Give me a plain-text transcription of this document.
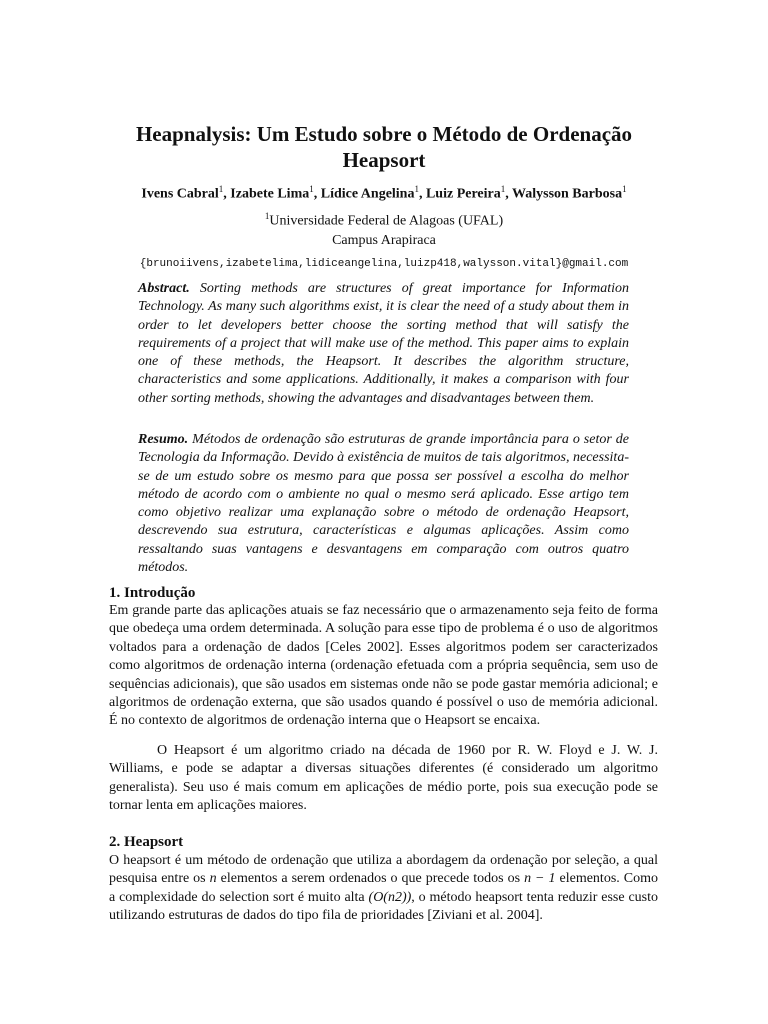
Heapnalysis: Um Estudo sobre o Método de Ordenação Heapsort

Ivens Cabral$^1$, Izabete Lima$^1$, Lídice Angelina$^1$, Luiz Pereira$^1$, Walysson Barbosa$^1$

$^1$Universidade Federal de Alagoas (UFAL)
Campus Arapiraca

{brunoiivens,izabetelima,lidiceangelina,luizp418,walysson.vital}@gmail.com

Abstract. Sorting methods are structures of great importance for Information Technology. As many such algorithms exist, it is clear the need of a study about them in order to let developers better choose the sorting method that will satisfy the requirements of a project that will make use of the method. This paper aims to explain one of these methods, the Heapsort. It describes the algorithm structure, characteristics and some applications. Additionally, it makes a comparison with four other sorting methods, showing the advantages and disadvantages between them.

Resumo. Métodos de ordenação são estruturas de grande importância para o setor de Tecnologia da Informação. Devido à existência de muitos de tais algoritmos, necessita-se de um estudo sobre os mesmo para que possa ser possível a escolha do melhor método de acordo com o ambiente no qual o mesmo será aplicado. Esse artigo tem como objetivo realizar uma explanação sobre o método de ordenação Heapsort, descrevendo sua estrutura, características e algumas aplicações. Assim como ressaltando suas vantagens e desvantagens em comparação com outros quatro métodos.

1. Introdução

Em grande parte das aplicações atuais se faz necessário que o armazenamento seja feito de forma que obedeça uma ordem determinada. A solução para esse tipo de problema é o uso de algoritmos voltados para a ordenação de dados [Celes 2002]. Esses algoritmos podem ser caracterizados como algoritmos de ordenação interna (ordenação efetuada com a própria sequência, sem uso de sequências adicionais), que são usados em sistemas onde não se pode gastar memória adicional; e algoritmos de ordenação externa, que são usados quando é possível o uso de memória adicional. É no contexto de algoritmos de ordenação interna que o Heapsort se encaixa.

O Heapsort é um algoritmo criado na década de 1960 por R. W. Floyd e J. W. J. Williams, e pode se adaptar a diversas situações diferentes (é considerado um algoritmo generalista). Seu uso é mais comum em aplicações de médio porte, pois sua execução pode se tornar lenta em aplicações maiores.

2. Heapsort

O heapsort é um método de ordenação que utiliza a abordagem da ordenação por seleção, a qual pesquisa entre os n elementos a serem ordenados o que precede todos os n − 1 elementos. Como a complexidade do selection sort é muito alta (O(n2)), o método heapsort tenta reduzir esse custo utilizando estruturas de dados do tipo fila de prioridades [Ziviani et al. 2004].
